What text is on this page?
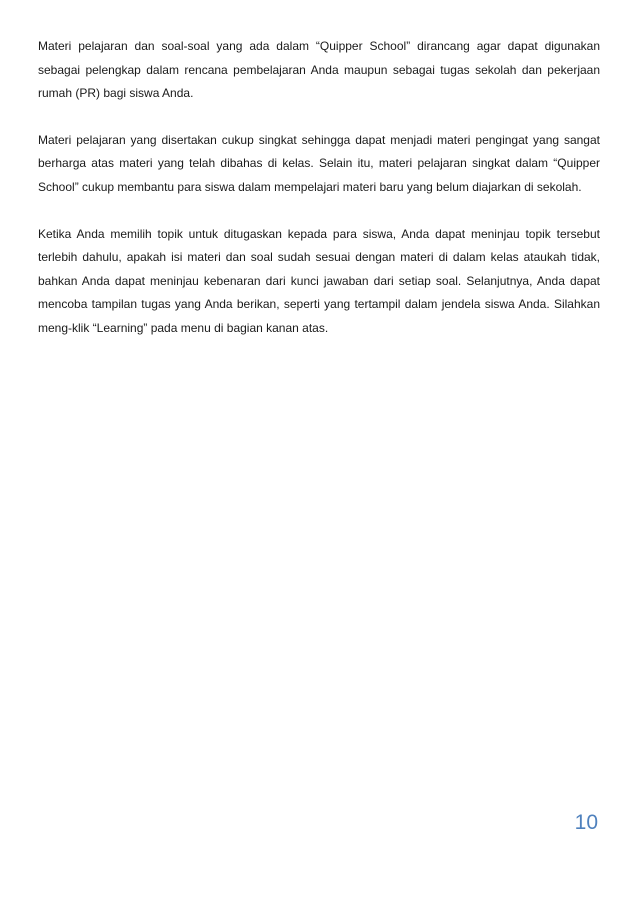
Materi pelajaran dan soal-soal yang ada dalam “Quipper School” dirancang agar dapat digunakan sebagai pelengkap dalam rencana pembelajaran Anda maupun sebagai tugas sekolah dan pekerjaan rumah (PR) bagi siswa Anda.

Materi pelajaran yang disertakan cukup singkat sehingga dapat menjadi materi pengingat yang sangat berharga atas materi yang telah dibahas di kelas. Selain itu, materi pelajaran singkat dalam “Quipper School” cukup membantu para siswa dalam mempelajari materi baru yang belum diajarkan di sekolah.

Ketika Anda memilih topik untuk ditugaskan kepada para siswa, Anda dapat meninjau topik tersebut terlebih dahulu, apakah isi materi dan soal sudah sesuai dengan materi di dalam kelas ataukah tidak, bahkan Anda dapat meninjau kebenaran dari kunci jawaban dari setiap soal. Selanjutnya, Anda dapat mencoba tampilan tugas yang Anda berikan, seperti yang tertampil dalam jendela siswa Anda. Silahkan meng-klik “Learning” pada menu di bagian kanan atas.

10
